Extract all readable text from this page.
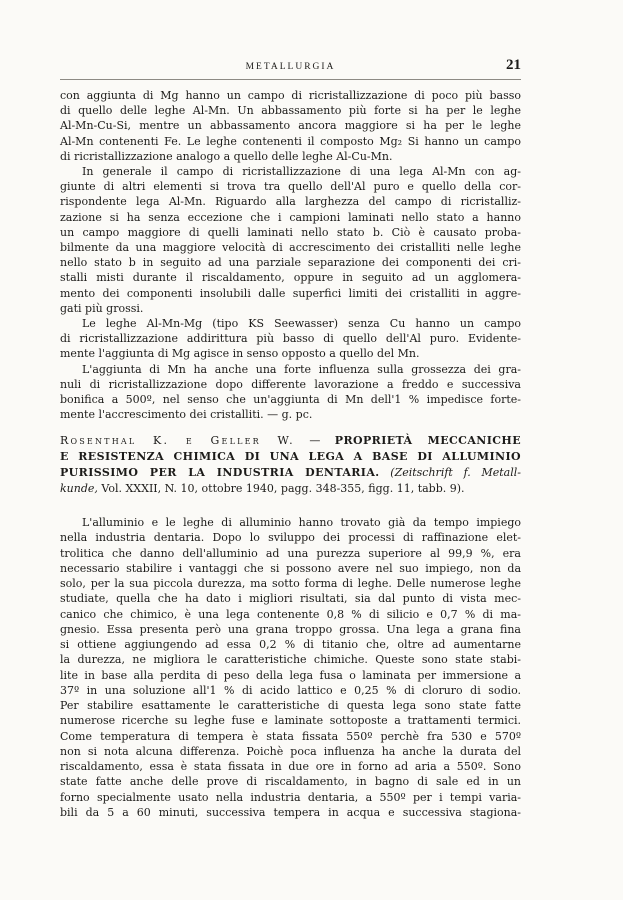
METALLURGIA	21

con aggiunta di Mg hanno un campo di ricristallizzazione di poco più basso
di quello delle leghe Al-Mn. Un abbassamento più forte si ha per le leghe
Al-Mn-Cu-Si, mentre un abbassamento ancora maggiore si ha per le leghe
Al-Mn contenenti Fe. Le leghe contenenti il composto Mg₂ Si hanno un campo
di ricristallizzazione analogo a quello delle leghe Al-Cu-Mn.

In generale il campo di ricristallizzazione di una lega Al-Mn con ag-
giunte di altri elementi si trova tra quello dell'Al puro e quello della cor-
rispondente lega Al-Mn. Riguardo alla larghezza del campo di ricristalliz-
zazione si ha senza eccezione che i campioni laminati nello stato a hanno
un campo maggiore di quelli laminati nello stato b. Ciò è causato proba-
bilmente da una maggiore velocità di accrescimento dei cristalliti nelle leghe
nello stato b in seguito ad una parziale separazione dei componenti dei cri-
stalli misti durante il riscaldamento, oppure in seguito ad un agglomera-
mento dei componenti insolubili dalle superfici limiti dei cristalliti in aggre-
gati più grossi.

Le leghe Al-Mn-Mg (tipo KS Seewasser) senza Cu hanno un campo
di ricristallizzazione addirittura più basso di quello dell'Al puro. Evidente-
mente l'aggiunta di Mg agisce in senso opposto a quello del Mn.

L'aggiunta di Mn ha anche una forte influenza sulla grossezza dei gra-
nuli di ricristallizzazione dopo differente lavorazione a freddo e successiva
bonifica a 500º, nel senso che un'aggiunta di Mn dell'1 % impedisce forte-
mente l'accrescimento dei cristalliti. — g. pc.

Rosenthal K. e Geller W. — PROPRIETÀ MECCANICHE
E RESISTENZA CHIMICA DI UNA LEGA A BASE DI ALLUMINIO
PURISSIMO PER LA INDUSTRIA DENTARIA. (Zeitschrift f. Metall-
kunde, Vol. XXXII, N. 10, ottobre 1940, pagg. 348-355, figg. 11, tabb. 9).

L'alluminio e le leghe di alluminio hanno trovato già da tempo impiego
nella industria dentaria. Dopo lo sviluppo dei processi di raffinazione elet-
trolitica che danno dell'alluminio ad una purezza superiore al 99,9 %, era
necessario stabilire i vantaggi che si possono avere nel suo impiego, non da
solo, per la sua piccola durezza, ma sotto forma di leghe. Delle numerose leghe
studiate, quella che ha dato i migliori risultati, sia dal punto di vista mec-
canico che chimico, è una lega contenente 0,8 % di silicio e 0,7 % di ma-
gnesio. Essa presenta però una grana troppo grossa. Una lega a grana fina
si ottiene aggiungendo ad essa 0,2 % di titanio che, oltre ad aumentarne
la durezza, ne migliora le caratteristiche chimiche. Queste sono state stabi-
lite in base alla perdita di peso della lega fusa o laminata per immersione a
37º in una soluzione all'1 % di acido lattico e 0,25 % di cloruro di sodio.
Per stabilire esattamente le caratteristiche di questa lega sono state fatte
numerose ricerche su leghe fuse e laminate sottoposte a trattamenti termici.
Come temperatura di tempera è stata fissata 550º perchè fra 530 e 570º
non si nota alcuna differenza. Poichè poca influenza ha anche la durata del
riscaldamento, essa è stata fissata in due ore in forno ad aria a 550º. Sono
state fatte anche delle prove di riscaldamento, in bagno di sale ed in un
forno specialmente usato nella industria dentaria, a 550º per i tempi varia-
bili da 5 a 60 minuti, successiva tempera in acqua e successiva stagiona-
